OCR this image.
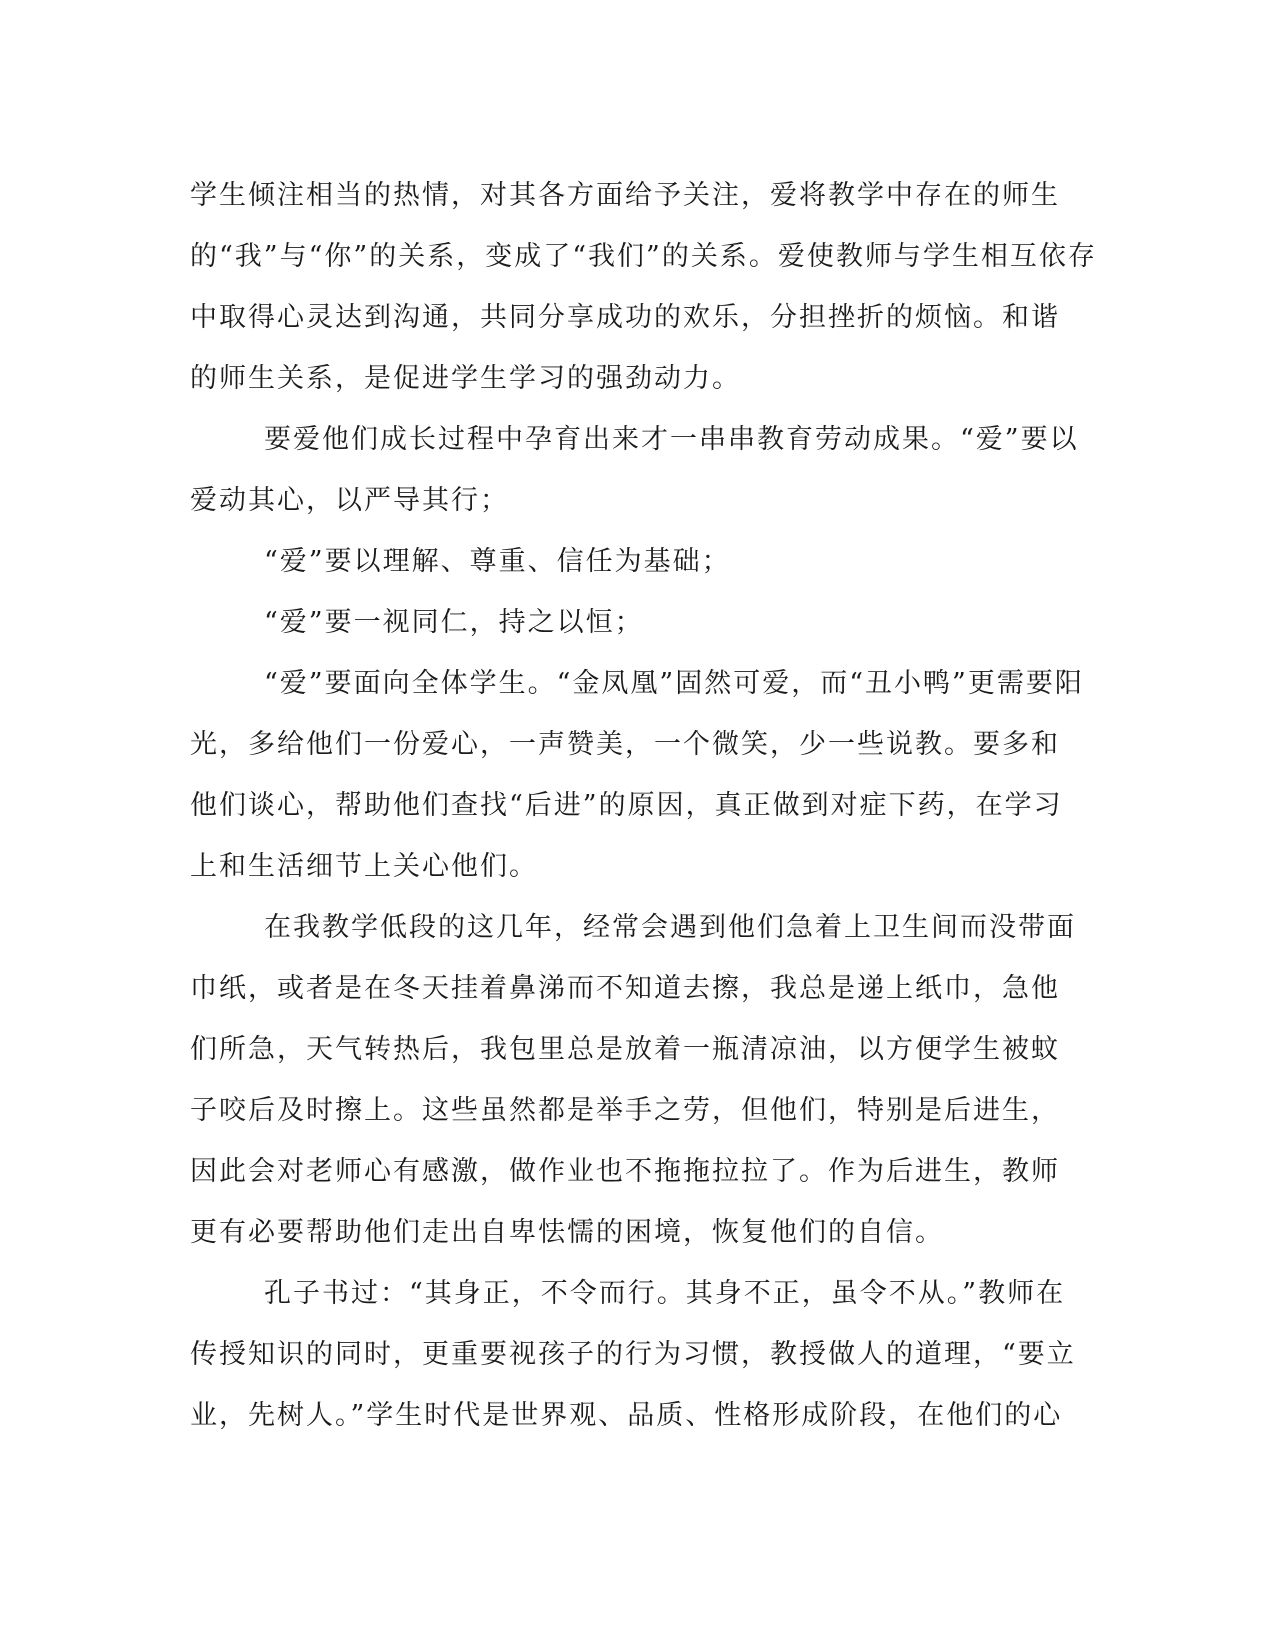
学生倾注相当的热情，对其各方面给予关注，爱将教学中存在的师生
的“我”与“你”的关系，变成了“我们”的关系。爱使教师与学生相互依存
中取得心灵达到沟通，共同分享成功的欢乐，分担挫折的烦恼。和谐
的师生关系，是促进学生学习的强劲动力。
要爱他们成长过程中孕育出来才一串串教育劳动成果。“爱”要以
爱动其心，以严导其行；
“爱”要以理解、尊重、信任为基础；
“爱”要一视同仁，持之以恒；
“爱”要面向全体学生。“金凤凰”固然可爱，而“丑小鸭”更需要阳
光，多给他们一份爱心，一声赞美，一个微笑，少一些说教。要多和
他们谈心，帮助他们查找“后进”的原因，真正做到对症下药，在学习
上和生活细节上关心他们。
在我教学低段的这几年，经常会遇到他们急着上卫生间而没带面
巾纸，或者是在冬天挂着鼻涕而不知道去擦，我总是递上纸巾，急他
们所急，天气转热后，我包里总是放着一瓶清凉油，以方便学生被蚊
子咬后及时擦上。这些虽然都是举手之劳，但他们，特别是后进生，
因此会对老师心有感激，做作业也不拖拖拉拉了。作为后进生，教师
更有必要帮助他们走出自卑怯懦的困境，恢复他们的自信。
孔子书过：“其身正，不令而行。其身不正，虽令不从。”教师在
传授知识的同时，更重要视孩子的行为习惯，教授做人的道理，“要立
业，先树人。”学生时代是世界观、品质、性格形成阶段，在他们的心
